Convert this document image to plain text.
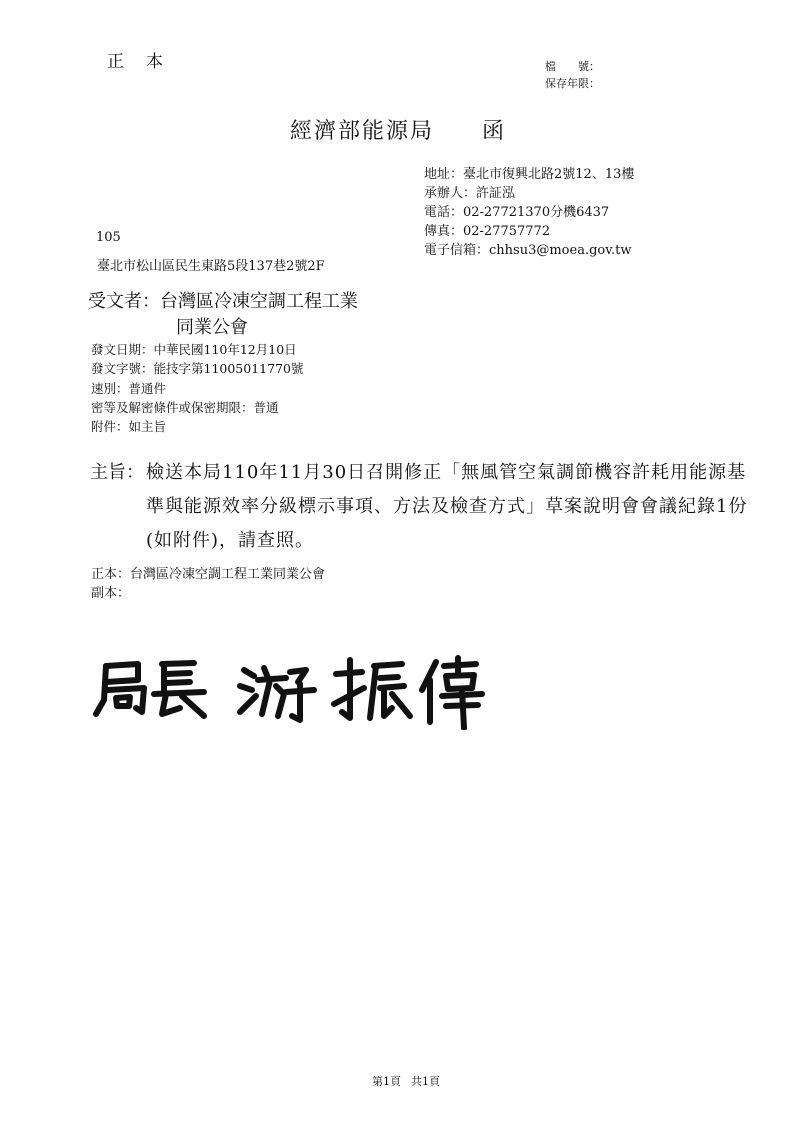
正 本	檔　　號：
保存年限：
經濟部能源局　　函
地址：臺北市復興北路2號12、13樓
承辦人：許証泓
電話：02-27721370分機6437
傳真：02-27757772
電子信箱：chhsu3@moea.gov.tw
105
臺北市松山區民生東路5段137巷2號2F
受文者：台灣區冷凍空調工程工業
同業公會
發文日期：中華民國110年12月10日
發文字號：能技字第11005011770號
速別：普通件
密等及解密條件或保密期限：普通
附件：如主旨
主旨： 檢送本局110年11月30日召開修正「無風管空氣調節機容許耗用能源基準與能源效率分級標示事項、方法及檢查方式」草案說明會會議紀錄1份(如附件)，請查照。
正本：台灣區冷凍空調工程工業同業公會
副本：
第1頁 共1頁
